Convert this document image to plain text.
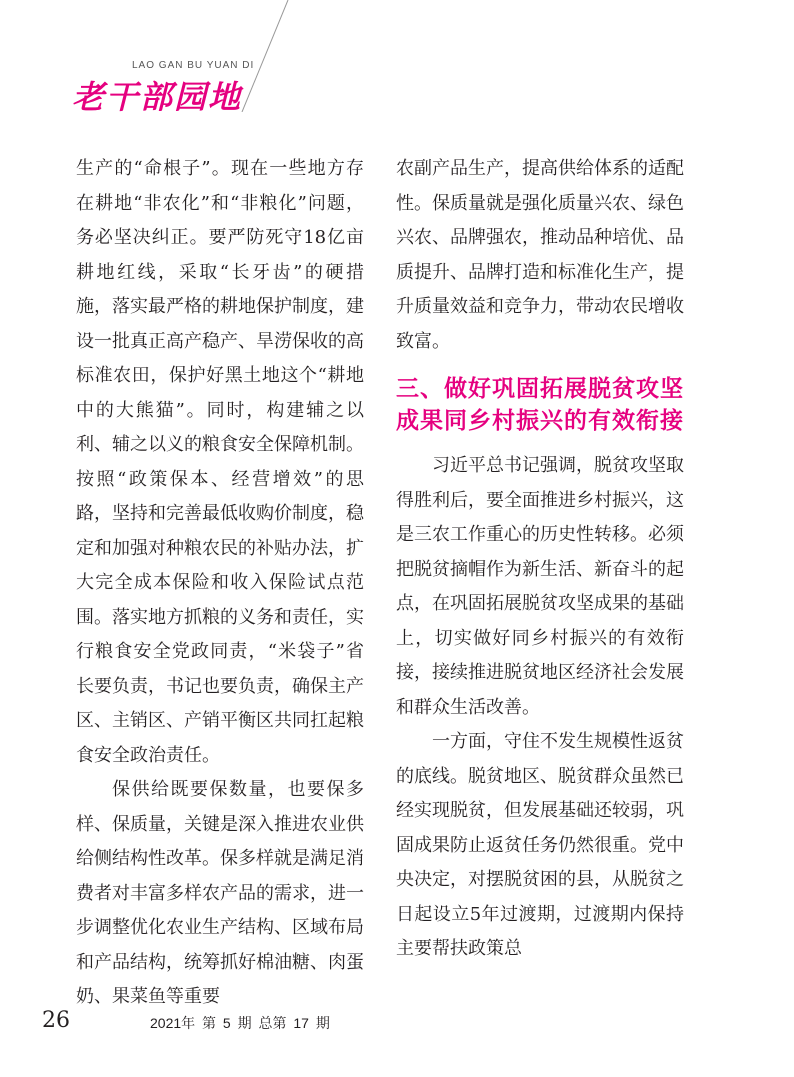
LAO GAN BU YUAN DI
老干部园地

生产的“命根子”。现在一些地方存在耕地“非农化”和“非粮化”问题，务必坚决纠正。要严防死守18亿亩耕地红线，采取“长牙齿”的硬措施，落实最严格的耕地保护制度，建设一批真正高产稳产、旱涝保收的高标准农田，保护好黑土地这个“耕地中的大熊猫”。同时，构建辅之以利、辅之以义的粮食安全保障机制。按照“政策保本、经营增效”的思路，坚持和完善最低收购价制度，稳定和加强对种粮农民的补贴办法，扩大完全成本保险和收入保险试点范围。落实地方抓粮的义务和责任，实行粮食安全党政同责，“米袋子”省长要负责，书记也要负责，确保主产区、主销区、产销平衡区共同扛起粮食安全政治责任。

保供给既要保数量，也要保多样、保质量，关键是深入推进农业供给侧结构性改革。保多样就是满足消费者对丰富多样农产品的需求，进一步调整优化农业生产结构、区域布局和产品结构，统筹抓好棉油糖、肉蛋奶、果菜鱼等重要

农副产品生产，提高供给体系的适配性。保质量就是强化质量兴农、绿色兴农、品牌强农，推动品种培优、品质提升、品牌打造和标准化生产，提升质量效益和竞争力，带动农民增收致富。

三、做好巩固拓展脱贫攻坚成果同乡村振兴的有效衔接

习近平总书记强调，脱贫攻坚取得胜利后，要全面推进乡村振兴，这是三农工作重心的历史性转移。必须把脱贫摘帽作为新生活、新奋斗的起点，在巩固拓展脱贫攻坚成果的基础上，切实做好同乡村振兴的有效衔接，接续推进脱贫地区经济社会发展和群众生活改善。

一方面，守住不发生规模性返贫的底线。脱贫地区、脱贫群众虽然已经实现脱贫，但发展基础还较弱，巩固成果防止返贫任务仍然很重。党中央决定，对摆脱贫困的县，从脱贫之日起设立5年过渡期，过渡期内保持主要帮扶政策总

26	2021年 第 5 期 总第 17 期
